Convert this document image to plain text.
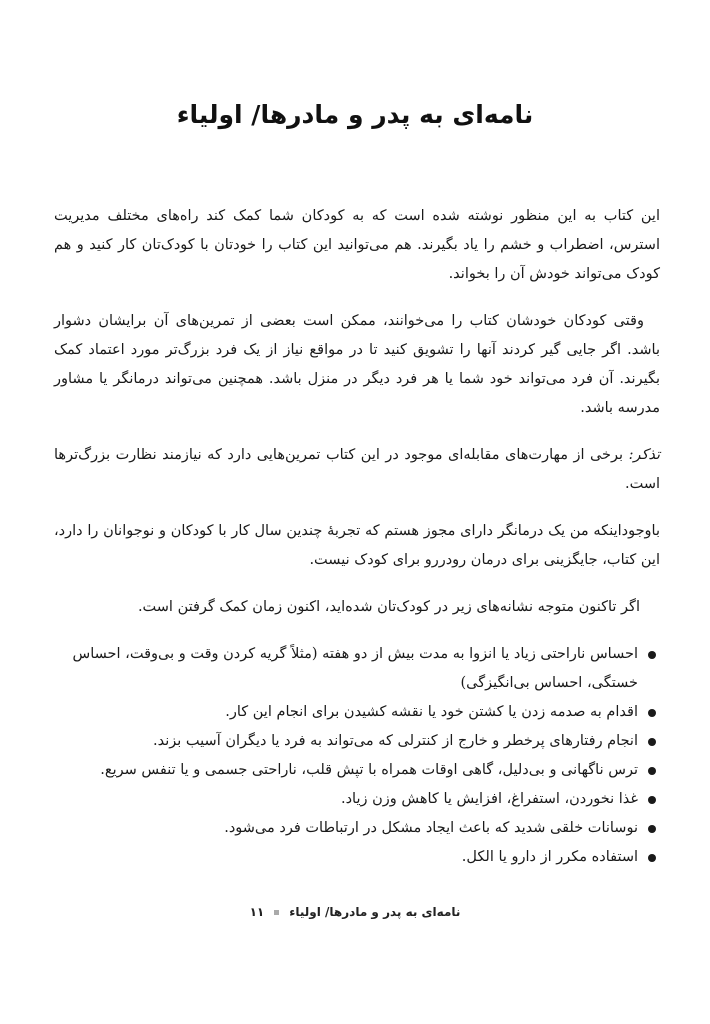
نامه‌ای به پدر و مادرها/ اولیاء

این کتاب به این منظور نوشته شده است که به کودکان شما کمک کند راه‌های مختلف مدیریت استرس، اضطراب و خشم را یاد بگیرند. هم می‌توانید این کتاب را خودتان با کودک‌تان کار کنید و هم کودک می‌تواند خودش آن را بخواند.

وقتی کودکان خودشان کتاب را می‌خوانند، ممکن است بعضی از تمرین‌های آن برایشان دشوار باشد. اگر جایی گیر کردند آنها را تشویق کنید تا در مواقع نیاز از یک فرد بزرگ‌تر مورد اعتماد کمک بگیرند. آن فرد می‌تواند خود شما یا هر فرد دیگر در منزل باشد. همچنین می‌تواند درمانگر یا مشاور مدرسه باشد.

تذکر: برخی از مهارت‌های مقابله‌ای موجود در این کتاب تمرین‌هایی دارد که نیازمند نظارت بزرگ‌ترها است.

باوجوداینکه من یک درمانگر دارای مجوز هستم که تجربۀ چندین سال کار با کودکان و نوجوانان را دارد، این کتاب، جایگزینی برای درمان رودررو برای کودک نیست.

اگر تاکنون متوجه نشانه‌های زیر در کودک‌تان شده‌اید، اکنون زمان کمک گرفتن است.

احساس ناراحتی زیاد یا انزوا به مدت بیش از دو هفته (مثلاً گریه کردن وقت و بی‌وقت، احساس خستگی، احساس بی‌انگیزگی)
اقدام به صدمه زدن یا کشتن خود یا نقشه کشیدن برای انجام این کار.
انجام رفتارهای پرخطر و خارج از کنترلی که می‌تواند به فرد یا دیگران آسیب بزند.
ترس ناگهانی و بی‌دلیل، گاهی اوقات همراه با تپش قلب، ناراحتی جسمی و یا تنفس سریع.
غذا نخوردن، استفراغ، افزایش یا کاهش وزن زیاد.
نوسانات خلقی شدید که باعث ایجاد مشکل در ارتباطات فرد می‌شود.
استفاده مکرر از دارو یا الکل.
نامه‌ای به پدر و مادرها/ اولیاء۱۱
